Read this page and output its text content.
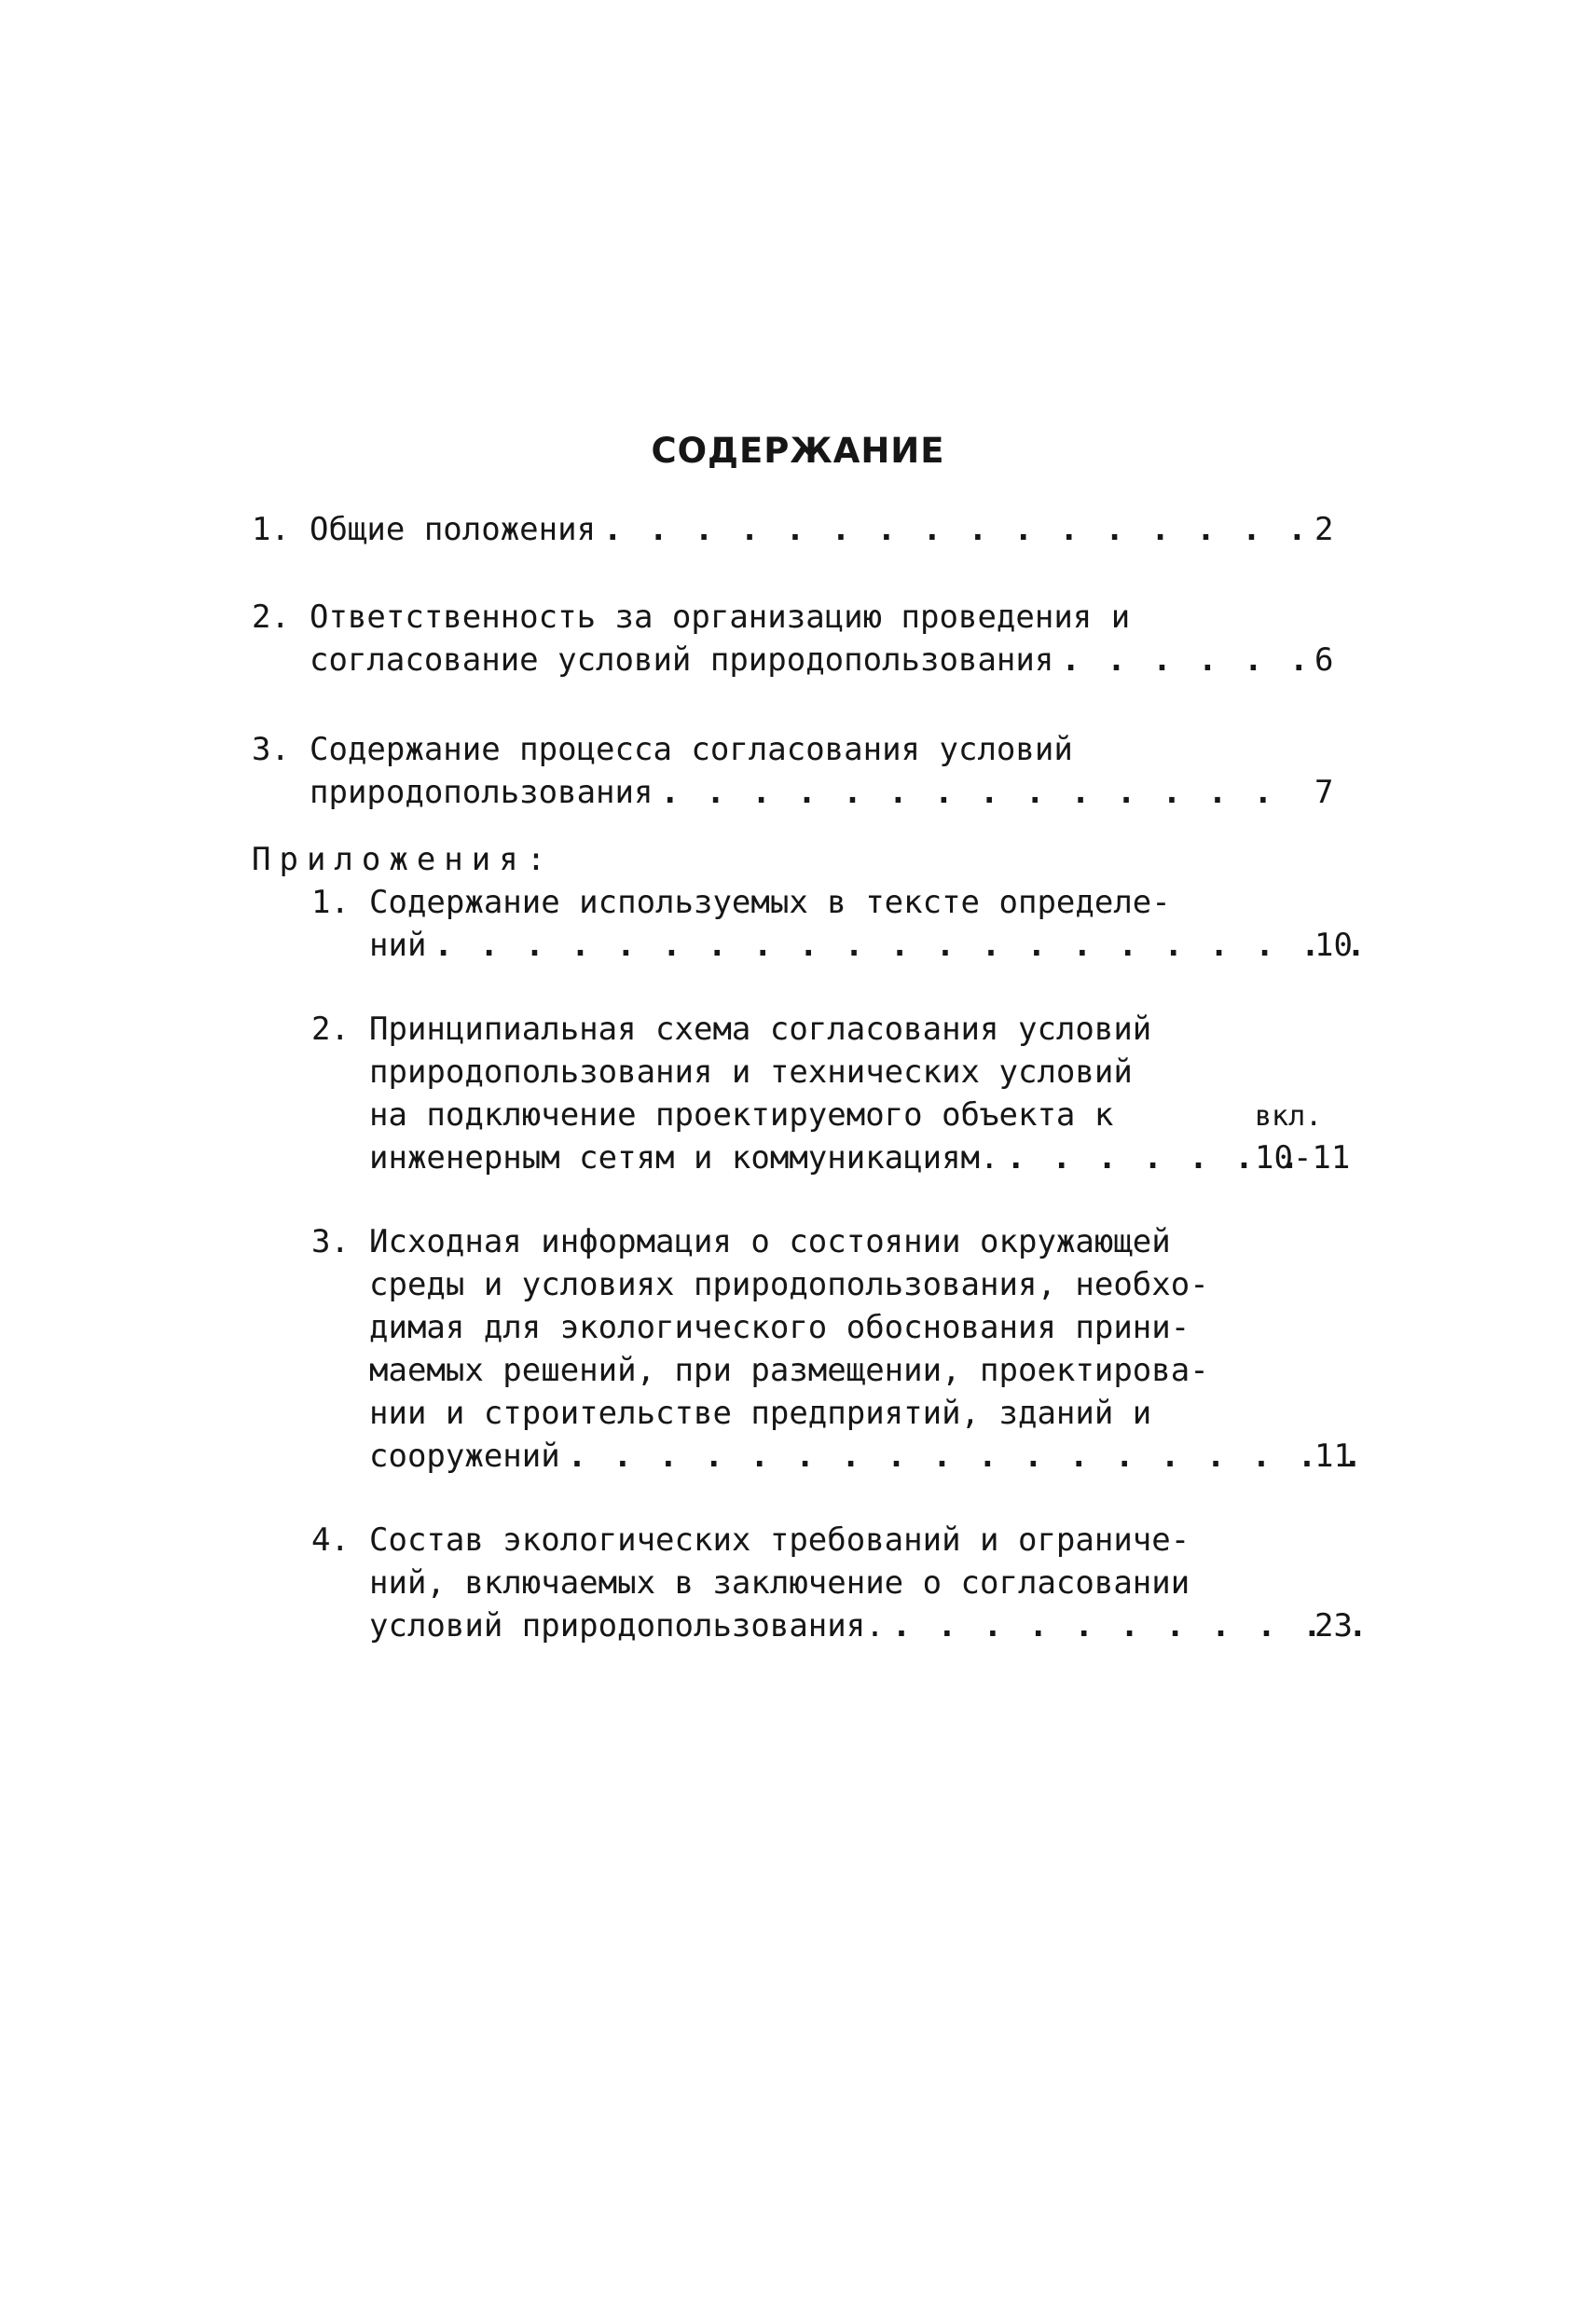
СОДЕРЖАНИЕ
1. Общие положения . . .	2
2. Ответственность за организацию проведения и
согласование условий природопользования . . .	6
3. Содержание процесса согласования условий
природопользования . . .	7
Приложения:
1. Содержание используемых в тексте определе-
ний . . .	10
2. Принципиальная схема согласования условий
природопользования и технических условий
на подключение проектируемого объекта к	вкл.
инженерным сетям и коммуникациям. . . .	10-11
3. Исходная информация о состоянии окружающей
среды и условиях природопользования, необхо-
димая для экологического обоснования прини-
маемых решений, при размещении, проектирова-
нии и строительстве предприятий, зданий и
сооружений . . .	11
4. Состав экологических требований и ограниче-
ний, включаемых в заключение о согласовании
условий природопользования. . . .	23
